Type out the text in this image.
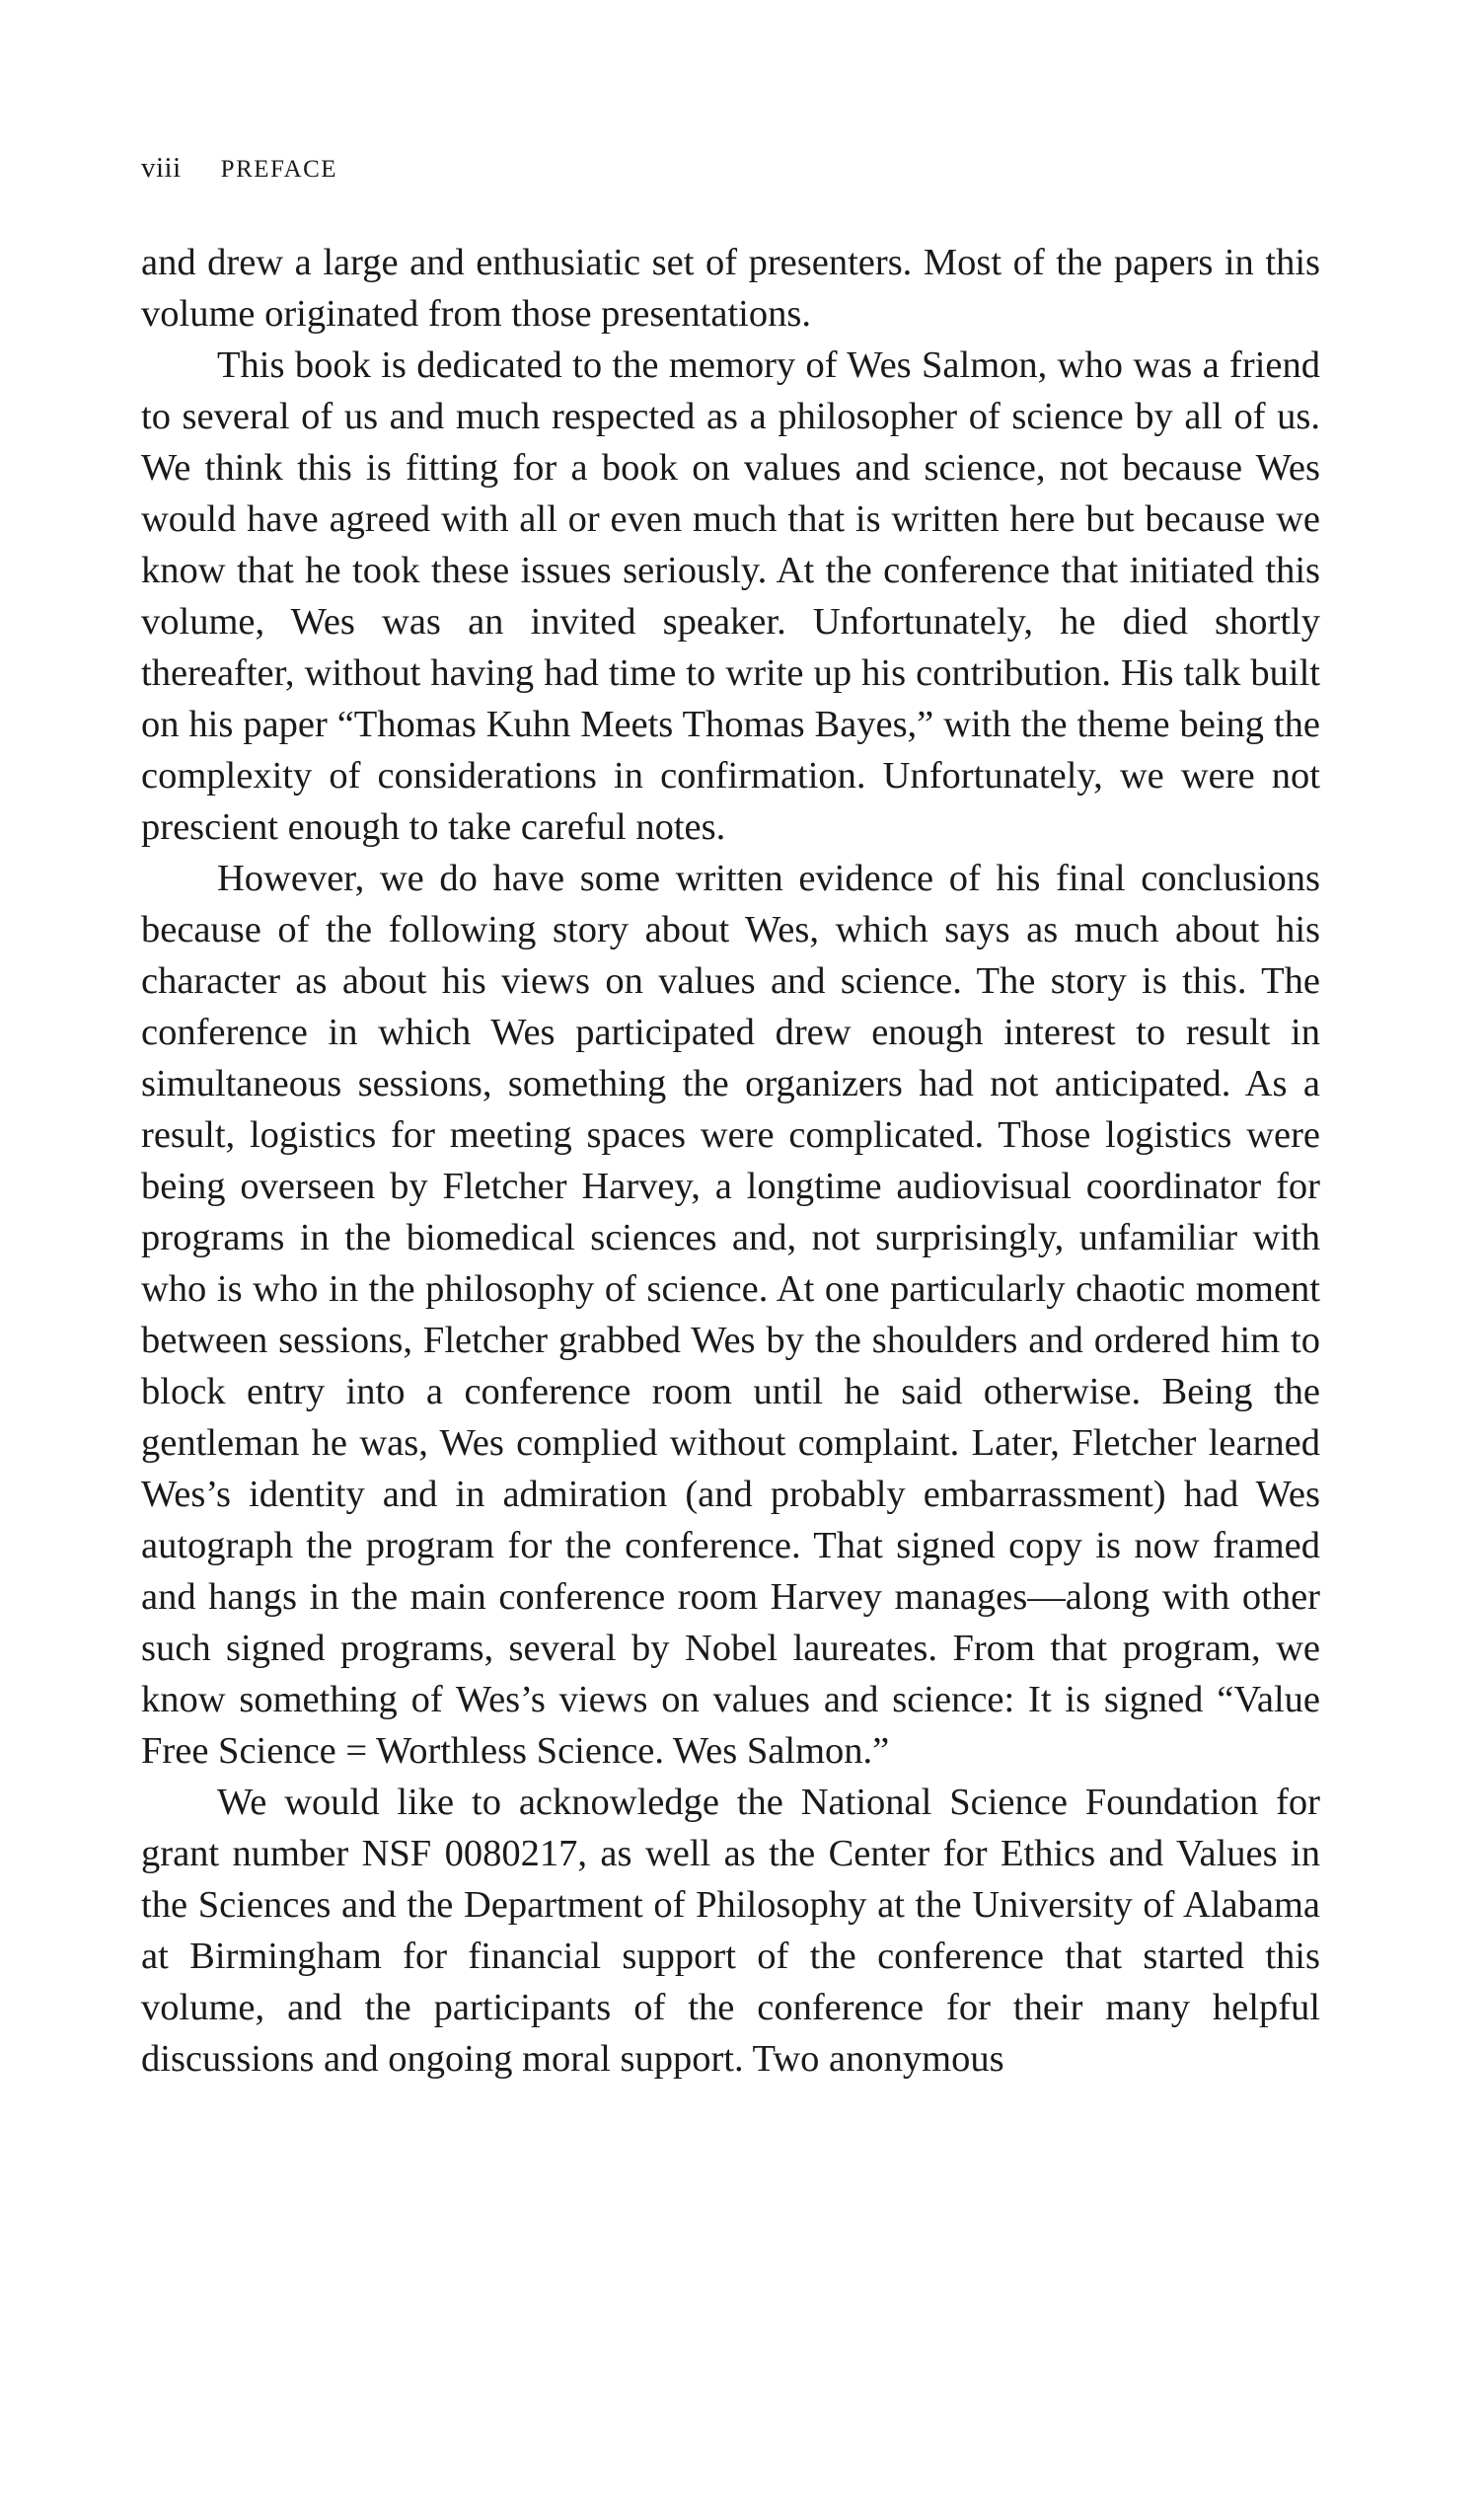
viii PREFACE

and drew a large and enthusiatic set of presenters. Most of the papers in this volume originated from those presentations.

This book is dedicated to the memory of Wes Salmon, who was a friend to several of us and much respected as a philosopher of science by all of us. We think this is fitting for a book on values and science, not because Wes would have agreed with all or even much that is written here but because we know that he took these issues seriously. At the conference that initiated this volume, Wes was an invited speaker. Unfortunately, he died shortly thereafter, without having had time to write up his contribution. His talk built on his paper “Thomas Kuhn Meets Thomas Bayes,” with the theme being the complexity of considerations in confirmation. Unfortunately, we were not prescient enough to take careful notes.

However, we do have some written evidence of his final conclusions because of the following story about Wes, which says as much about his character as about his views on values and science. The story is this. The conference in which Wes participated drew enough interest to result in simultaneous sessions, something the organizers had not anticipated. As a result, logistics for meeting spaces were complicated. Those logistics were being overseen by Fletcher Harvey, a longtime audiovisual coordinator for programs in the biomedical sciences and, not surprisingly, unfamiliar with who is who in the philosophy of science. At one particularly chaotic moment between sessions, Fletcher grabbed Wes by the shoulders and ordered him to block entry into a conference room until he said otherwise. Being the gentleman he was, Wes complied without complaint. Later, Fletcher learned Wes’s identity and in admiration (and probably embarrassment) had Wes autograph the program for the conference. That signed copy is now framed and hangs in the main conference room Harvey manages—along with other such signed programs, several by Nobel laureates. From that program, we know something of Wes’s views on values and science: It is signed “Value Free Science = Worthless Science. Wes Salmon.”

We would like to acknowledge the National Science Foundation for grant number NSF 0080217, as well as the Center for Ethics and Values in the Sciences and the Department of Philosophy at the University of Alabama at Birmingham for financial support of the conference that started this volume, and the participants of the conference for their many helpful discussions and ongoing moral support. Two anonymous
